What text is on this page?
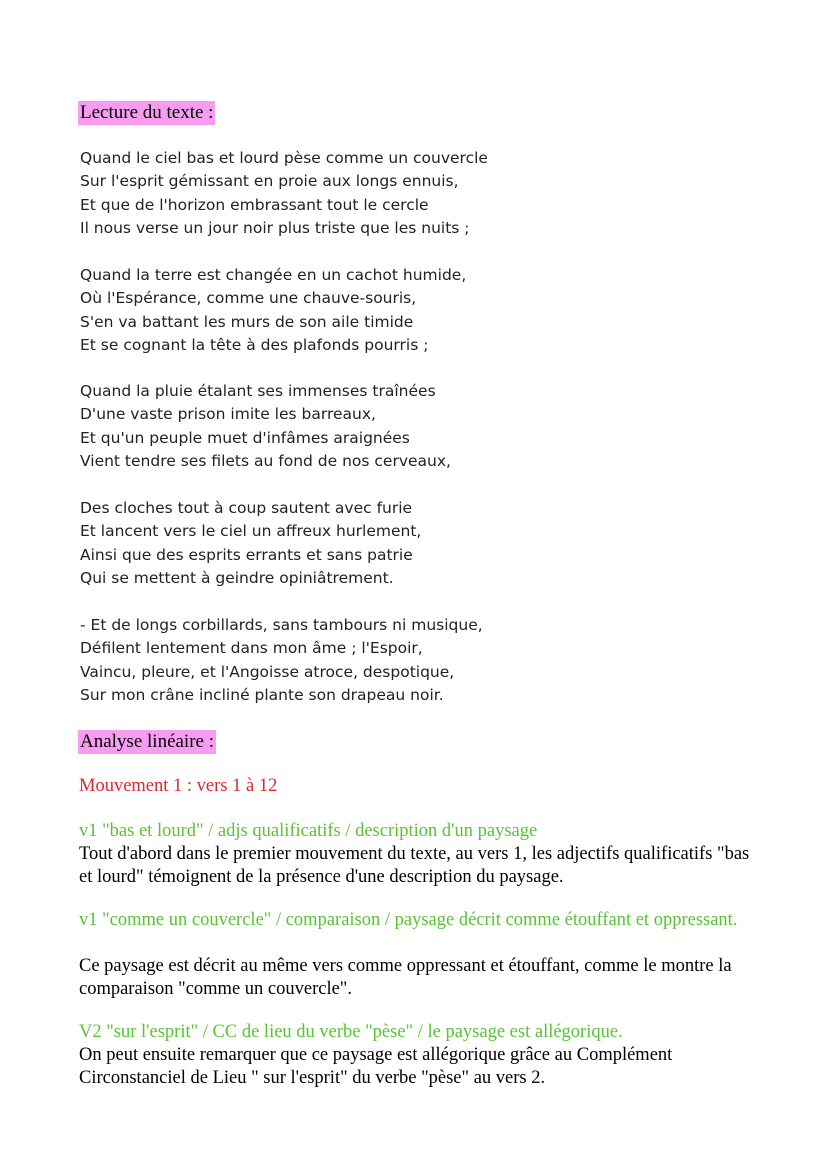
Lecture du texte :
Quand le ciel bas et lourd pèse comme un couvercle
Sur l'esprit gémissant en proie aux longs ennuis,
Et que de l'horizon embrassant tout le cercle
Il nous verse un jour noir plus triste que les nuits ;
Quand la terre est changée en un cachot humide,
Où l'Espérance, comme une chauve-souris,
S'en va battant les murs de son aile timide
Et se cognant la tête à des plafonds pourris ;
Quand la pluie étalant ses immenses traînées
D'une vaste prison imite les barreaux,
Et qu'un peuple muet d'infâmes araignées
Vient tendre ses filets au fond de nos cerveaux,
Des cloches tout à coup sautent avec furie
Et lancent vers le ciel un affreux hurlement,
Ainsi que des esprits errants et sans patrie
Qui se mettent à geindre opiniâtrement.
- Et de longs corbillards, sans tambours ni musique,
Défilent lentement dans mon âme ; l'Espoir,
Vaincu, pleure, et l'Angoisse atroce, despotique,
Sur mon crâne incliné plante son drapeau noir.
Analyse linéaire :
Mouvement 1 : vers 1 à 12
v1 "bas et lourd" / adjs qualificatifs / description d'un paysage
Tout d'abord dans le premier mouvement du texte, au vers 1, les adjectifs qualificatifs "bas et lourd" témoignent de la présence d'une description du paysage.
v1 "comme un couvercle" / comparaison / paysage décrit comme étouffant et oppressant.
Ce paysage est décrit au même vers comme oppressant et étouffant, comme le montre la comparaison "comme un couvercle".
V2 "sur l'esprit" / CC de lieu du verbe "pèse" / le paysage est allégorique.
On peut ensuite remarquer que ce paysage est allégorique grâce au Complément Circonstanciel de Lieu " sur l'esprit" du verbe "pèse" au vers 2.
